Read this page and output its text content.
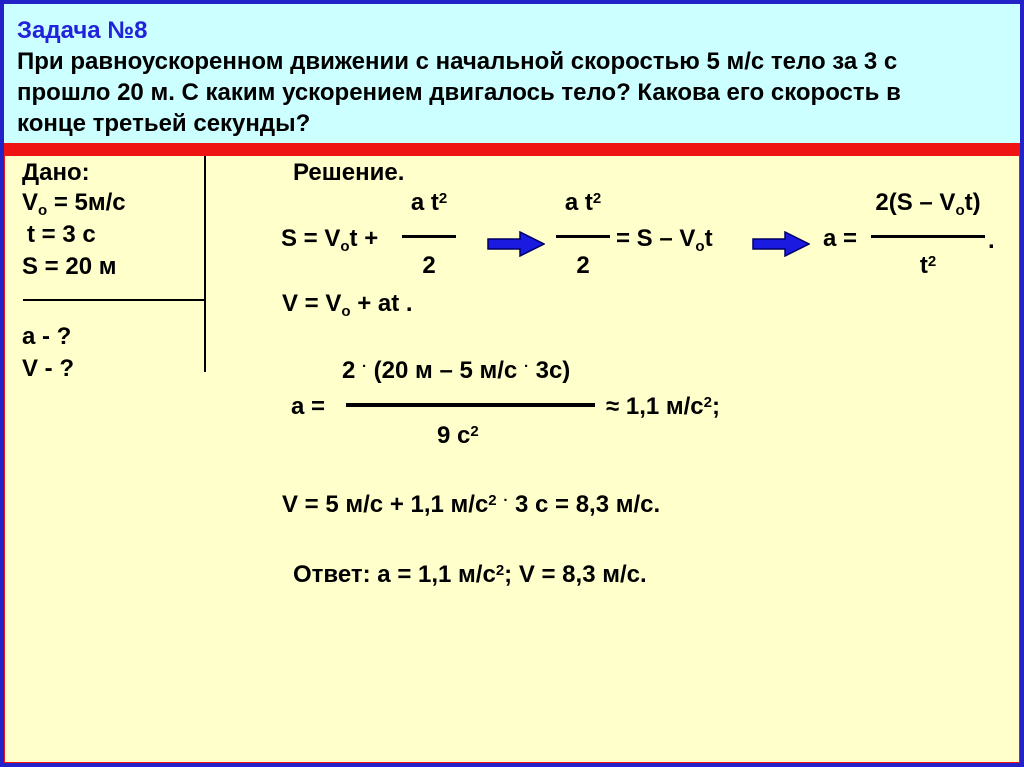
Задача №8
При равноускоренном движении с начальной скоростью 5 м/с тело за 3 с
прошло 20 м. С каким ускорением двигалось тело? Какова его скорость в
конце третьей секунды?
Дано:
$V_о = 5м/с$
t = 3 с
S = 20 м
a - ?
V - ?
Решение.
$S = V_оt$ +
a $t^2$
2
a $t^2$
2
= S – $V_оt$	a =
$2(S - V_оt)$
$t^2$
.
$V = V_о$ + at .
2 · (20 м – 5 м/с · 3с)
a =
9 $с^2$
≈ 1,1 $м/с^2$;
V = 5 м/с + 1,1 $м/с^2$ · 3 с = 8,3 м/с.
Ответ: a = 1,1 $м/с^2$; V = 8,3 м/с.
